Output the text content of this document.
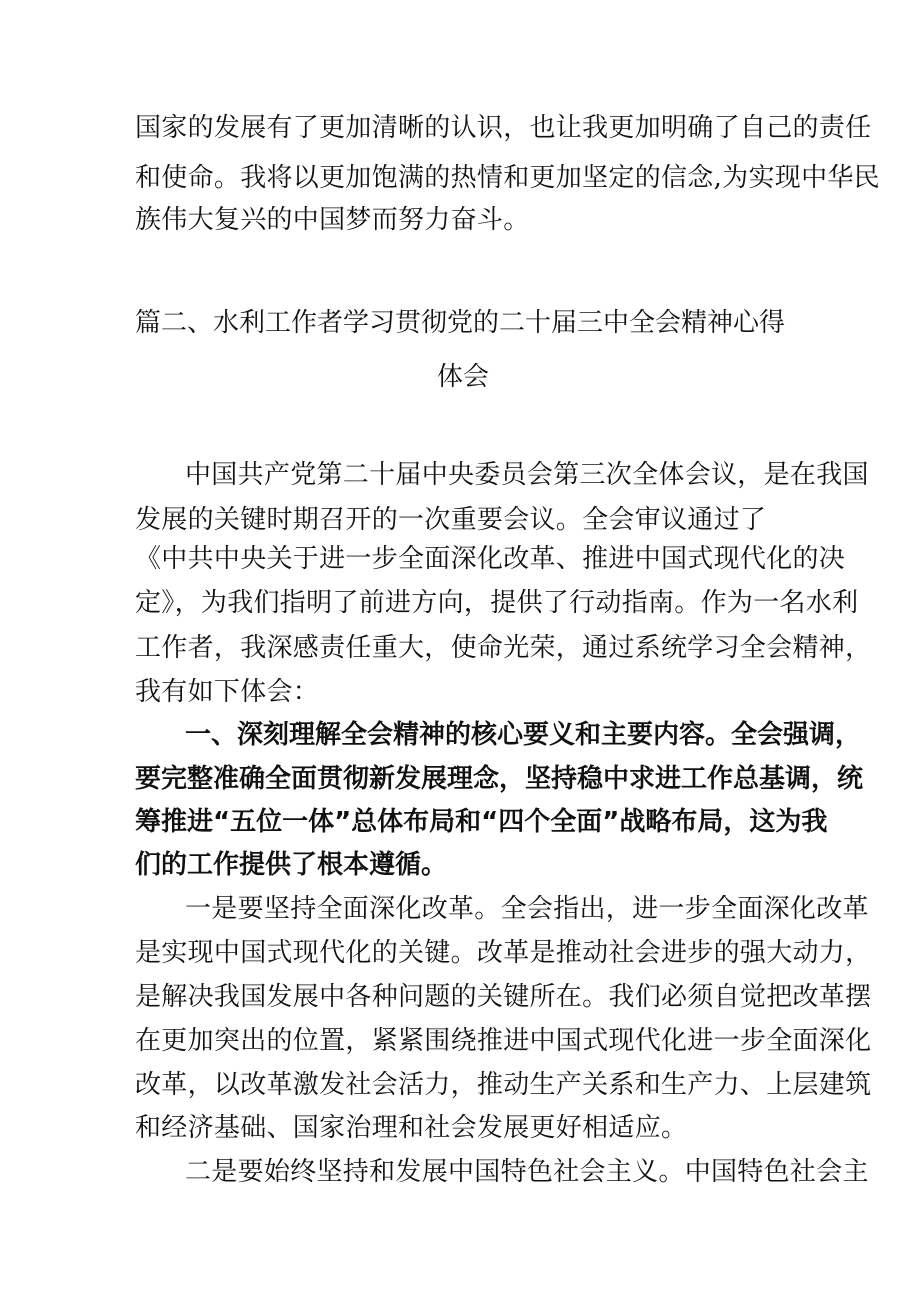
国家的发展有了更加清晰的认识，也让我更加明确了自己的责任
和使命。我将以更加饱满的热情和更加坚定的信念,为实现中华民
族伟大复兴的中国梦而努力奋斗。
篇二、水利工作者学习贯彻党的二十届三中全会精神心得
体会
中国共产党第二十届中央委员会第三次全体会议，是在我国
发展的关键时期召开的一次重要会议。全会审议通过了
《中共中央关于进一步全面深化改革、推进中国式现代化的决
定》，为我们指明了前进方向，提供了行动指南。作为一名水利
工作者，我深感责任重大，使命光荣，通过系统学习全会精神，
我有如下体会：
一、深刻理解全会精神的核心要义和主要内容。全会强调，
要完整准确全面贯彻新发展理念，坚持稳中求进工作总基调，统
筹推进“五位一体”总体布局和“四个全面”战略布局，这为我
们的工作提供了根本遵循。
一是要坚持全面深化改革。全会指出，进一步全面深化改革
是实现中国式现代化的关键。改革是推动社会进步的强大动力，
是解决我国发展中各种问题的关键所在。我们必须自觉把改革摆
在更加突出的位置，紧紧围绕推进中国式现代化进一步全面深化
改革，以改革激发社会活力，推动生产关系和生产力、上层建筑
和经济基础、国家治理和社会发展更好相适应。
二是要始终坚持和发展中国特色社会主义。中国特色社会主
